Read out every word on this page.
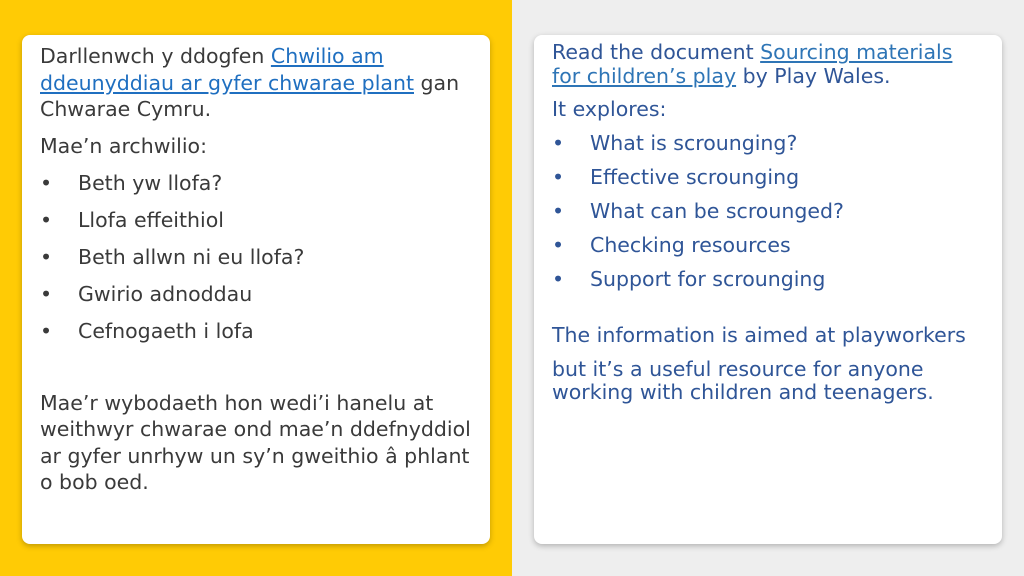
Darllenwch y ddogfen Chwilio am ddeunyddiau ar gyfer chwarae plant gan Chwarae Cymru.

Mae’n archwilio:

•	Beth yw llofa?
•	Llofa effeithiol
•	Beth allwn ni eu llofa?
•	Gwirio adnoddau
•	Cefnogaeth i lofa

Mae’r wybodaeth hon wedi’i hanelu at weithwyr chwarae ond mae’n ddefnyddiol ar gyfer unrhyw un sy’n gweithio â phlant o bob oed.

Read the document Sourcing materials for children’s play by Play Wales.

It explores:

•	What is scrounging?
•	Effective scrounging
•	What can be scrounged?
•	Checking resources
•	Support for scrounging

The information is aimed at playworkers

but it’s a useful resource for anyone working with children and teenagers.
